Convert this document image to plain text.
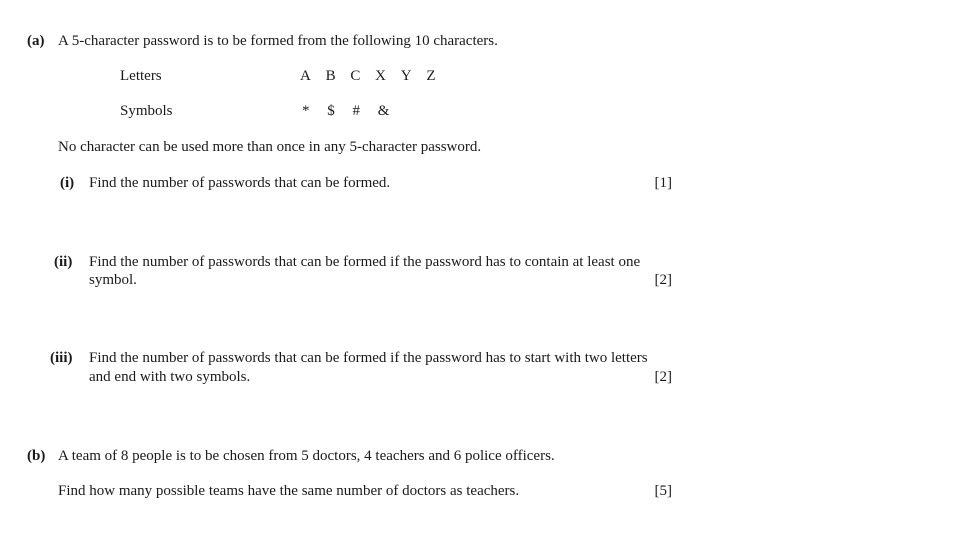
(a) A 5-character password is to be formed from the following 10 characters.
Letters	A B C X Y Z
Symbols	* $ # &
No character can be used more than once in any 5-character password.
(i) Find the number of passwords that can be formed.	[1]
(ii) Find the number of passwords that can be formed if the password has to contain at least one
symbol.	[2]
(iii) Find the number of passwords that can be formed if the password has to start with two letters
and end with two symbols.	[2]
(b) A team of 8 people is to be chosen from 5 doctors, 4 teachers and 6 police officers.
Find how many possible teams have the same number of doctors as teachers.	[5]
